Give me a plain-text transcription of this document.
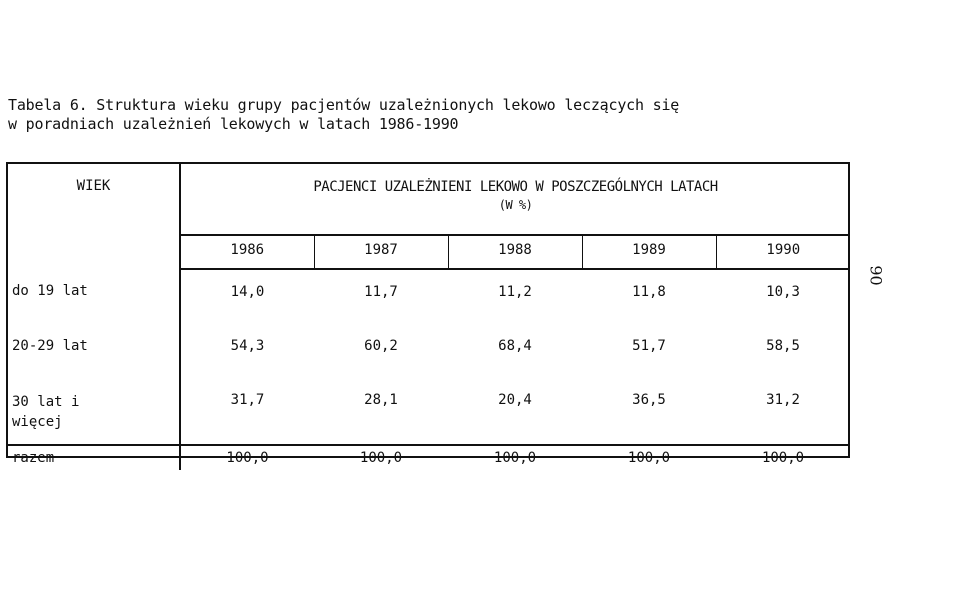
Tabela 6. Struktura wieku grupy pacjentów uzależnionych lekowo leczących się
w poradniach uzależnień lekowych w latach 1986-1990
WIEK	PACJENCI UZALEŻNIENI LEKOWO W POSZCZEGÓLNYCH LATACH
(W %)				

	1986	1987	1988	1989	1990
do 19 lat	14,0	11,7	11,2	11,8	10,3
20-29 lat	54,3	60,2	68,4	51,7	58,5

30 lat i
więcej	31,7	28,1	20,4	36,5	31,2
razem	100,0	100,0	100,0	100,0	100,0
90
